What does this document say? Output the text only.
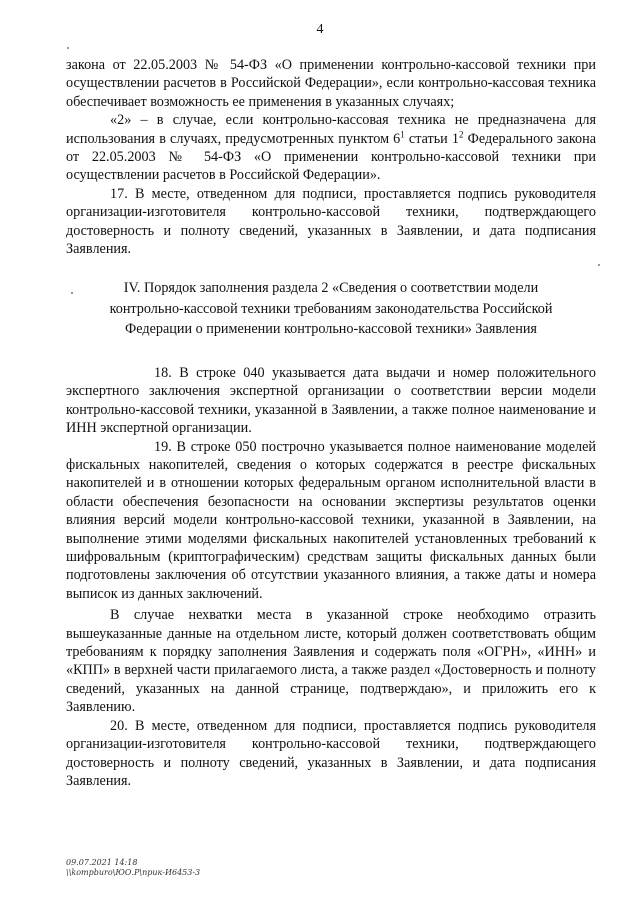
4

закона от 22.05.2003 № 54-ФЗ «О применении контрольно-кассовой техники при осуществлении расчетов в Российской Федерации», если контрольно-кассовая техника обеспечивает возможность ее применения в указанных случаях;

«2» – в случае, если контрольно-кассовая техника не предназначена для использования в случаях, предусмотренных пунктом $6^1$ статьи $1^2$ Федерального закона от 22.05.2003 № 54-ФЗ «О применении контрольно-кассовой техники при осуществлении расчетов в Российской Федерации».

17. В месте, отведенном для подписи, проставляется подпись руководителя организации-изготовителя контрольно-кассовой техники, подтверждающего достоверность и полноту сведений, указанных в Заявлении, и дата подписания Заявления.

IV. Порядок заполнения раздела 2 «Сведения о соответствии модели
контрольно-кассовой техники требованиям законодательства Российской
Федерации о применении контрольно-кассовой техники» Заявления

18. В строке 040 указывается дата выдачи и номер положительного экспертного заключения экспертной организации о соответствии версии модели контрольно-кассовой техники, указанной в Заявлении, а также полное наименование и ИНН экспертной организации.

19. В строке 050 построчно указывается полное наименование моделей фискальных накопителей, сведения о которых содержатся в реестре фискальных накопителей и в отношении которых федеральным органом исполнительной власти в области обеспечения безопасности на основании экспертизы результатов оценки влияния версий модели контрольно-кассовой техники, указанной в Заявлении, на выполнение этими моделями фискальных накопителей установленных требований к шифровальным (криптографическим) средствам защиты фискальных данных были подготовлены заключения об отсутствии указанного влияния, а также даты и номера выписок из данных заключений.

В случае нехватки места в указанной строке необходимо отразить вышеуказанные данные на отдельном листе, который должен соответствовать общим требованиям к порядку заполнения Заявления и содержать поля «ОГРН», «ИНН» и «КПП» в верхней части прилагаемого листа, а также раздел «Достоверность и полноту сведений, указанных на данной странице, подтверждаю», и приложить его к Заявлению.

20. В месте, отведенном для подписи, проставляется подпись руководителя организации-изготовителя контрольно-кассовой техники, подтверждающего достоверность и полноту сведений, указанных в Заявлении, и дата подписания Заявления.

09.07.2021 14:18
\\kompburo\ЮО.Р\прик-И6453-3
